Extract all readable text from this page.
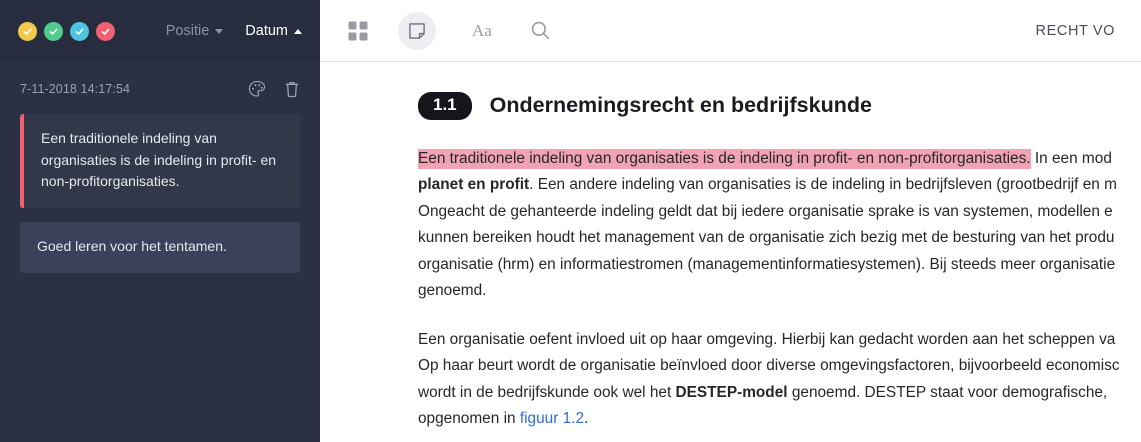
Positie Datum
7-11-2018 14:17:54
Een traditionele indeling van organisaties is de indeling in profit- en non-profitorganisaties.
Goed leren voor het tentamen.
Aa	RECHT VO
1.1	Ondernemingsrecht en bedrijfskunde

Een traditionele indeling van organisaties is de indeling in profit- en non-profitorganisaties. In een mod
planet en profit. Een andere indeling van organisaties is de indeling in bedrijfsleven (grootbedrijf en m
Ongeacht de gehanteerde indeling geldt dat bij iedere organisatie sprake is van systemen, modellen e
kunnen bereiken houdt het management van de organisatie zich bezig met de besturing van het produ
organisatie (hrm) en informatiestromen (managementinformatiesystemen). Bij steeds meer organisatie
genoemd.

Een organisatie oefent invloed uit op haar omgeving. Hierbij kan gedacht worden aan het scheppen va
Op haar beurt wordt de organisatie beïnvloed door diverse omgevingsfactoren, bijvoorbeeld economisc
wordt in de bedrijfskunde ook wel het DESTEP-model genoemd. DESTEP staat voor demografische,
opgenomen in figuur 1.2.
